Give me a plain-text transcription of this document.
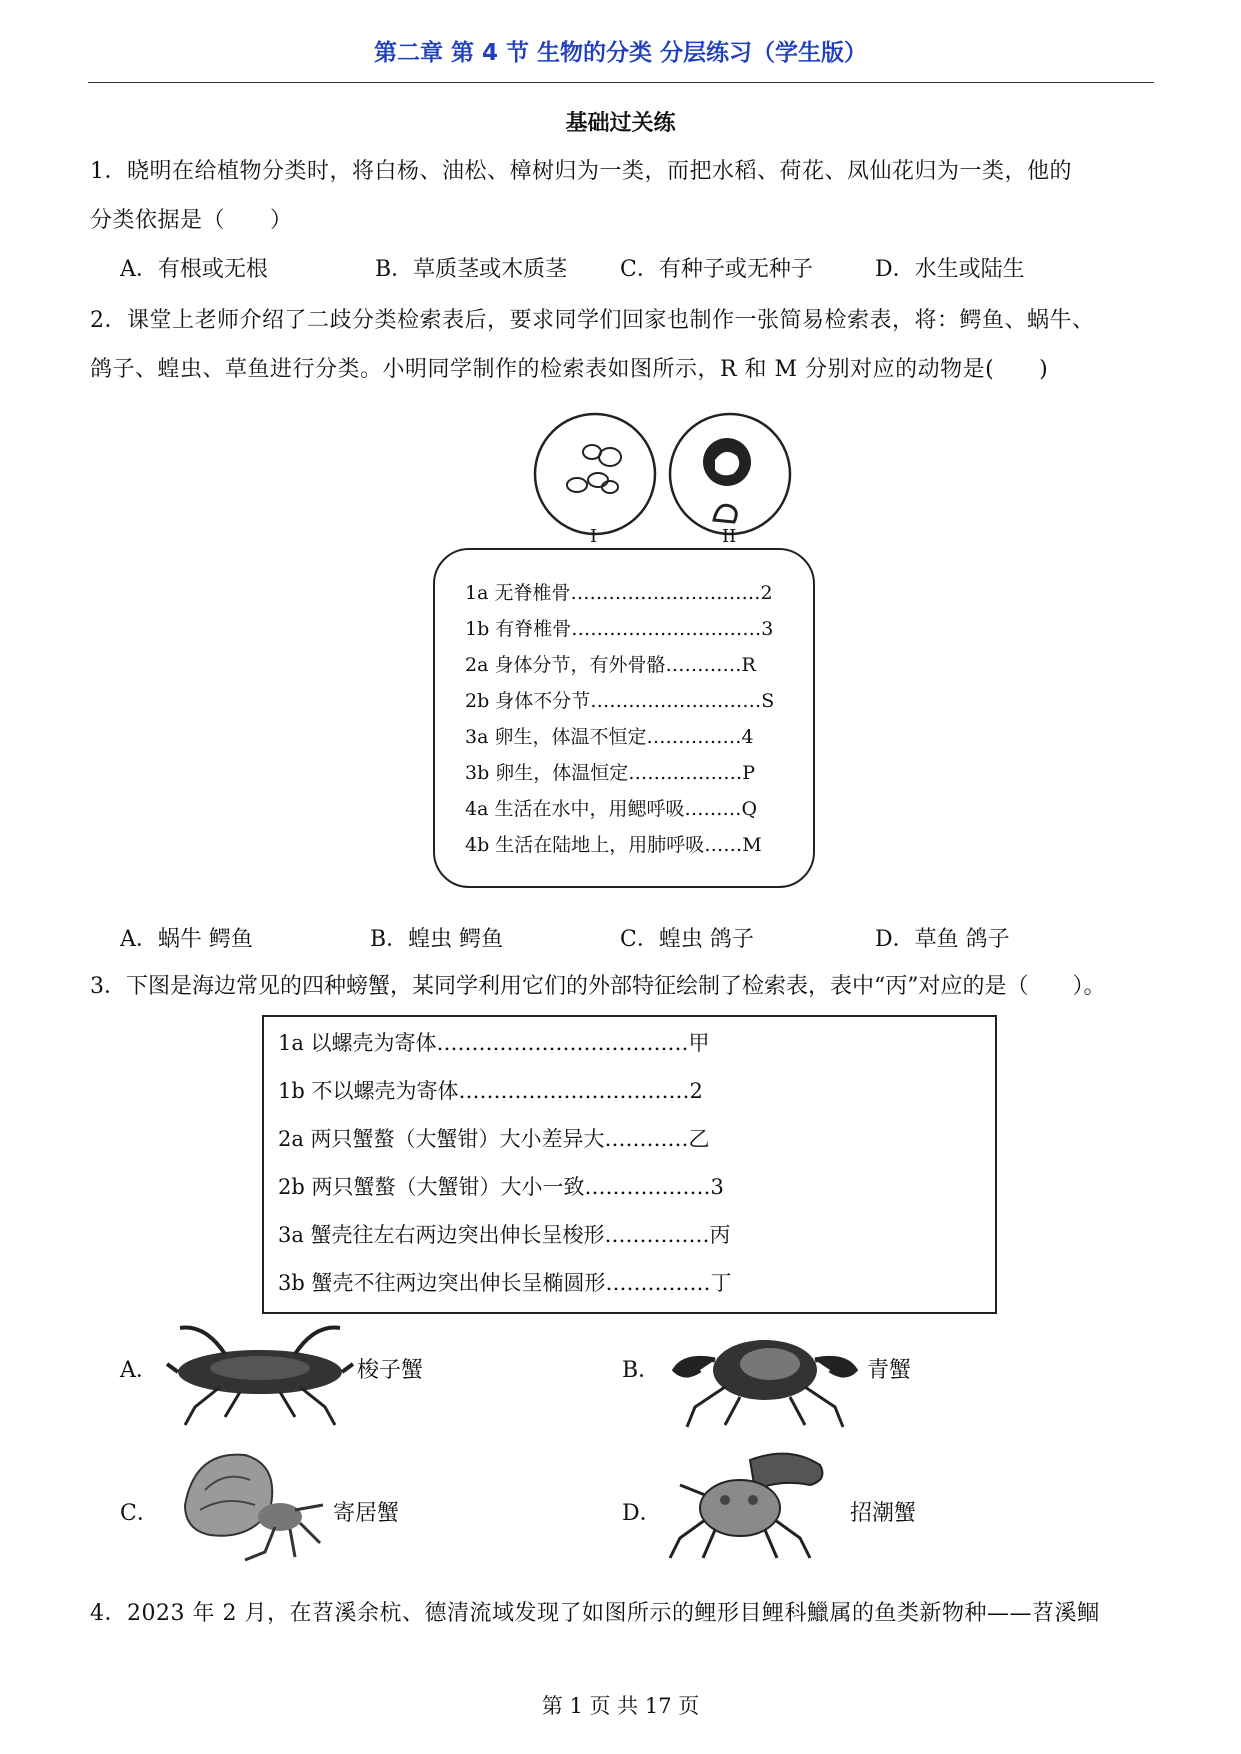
第二章 第 4 节 生物的分类 分层练习（学生版）
基础过关练
1．晓明在给植物分类时，将白杨、油松、樟树归为一类，而把水稻、荷花、凤仙花归为一类，他的
分类依据是（　　）
A．有根或无根	B．草质茎或木质茎 C．有种子或无种子	D．水生或陆生
2．课堂上老师介绍了二歧分类检索表后，要求同学们回家也制作一张简易检索表，将：鳄鱼、蜗牛、
鸽子、蝗虫、草鱼进行分类。小明同学制作的检索表如图所示，R 和 M 分别对应的动物是(　　)
I	II
1a 无脊椎骨…………………………2
1b 有脊椎骨…………………………3
2a 身体分节，有外骨骼…………R
2b 身体不分节………………………S
3a 卵生，体温不恒定……………4
3b 卵生，体温恒定………………P
4a 生活在水中，用鳃呼吸………Q
4b 生活在陆地上，用肺呼吸……M
A．蜗牛 鳄鱼	B．蝗虫 鳄鱼	C．蝗虫 鸽子	D．草鱼 鸽子
3．下图是海边常见的四种螃蟹，某同学利用它们的外部特征绘制了检索表，表中“丙”对应的是（　　）。
1a 以螺壳为寄体………………………………甲
1b 不以螺壳为寄体……………………………2
2a 两只蟹螯（大蟹钳）大小差异大…………乙
2b 两只蟹螯（大蟹钳）大小一致………………3
3a 蟹壳往左右两边突出伸长呈梭形……………丙
3b 蟹壳不往两边突出伸长呈椭圆形……………丁
A．	梭子蟹	B．	青蟹
C．	寄居蟹	D．	招潮蟹
4．2023 年 2 月，在苕溪余杭、德清流域发现了如图所示的鲤形目鲤科鱲属的鱼类新物种——苕溪鲴
第 1 页 共 17 页
